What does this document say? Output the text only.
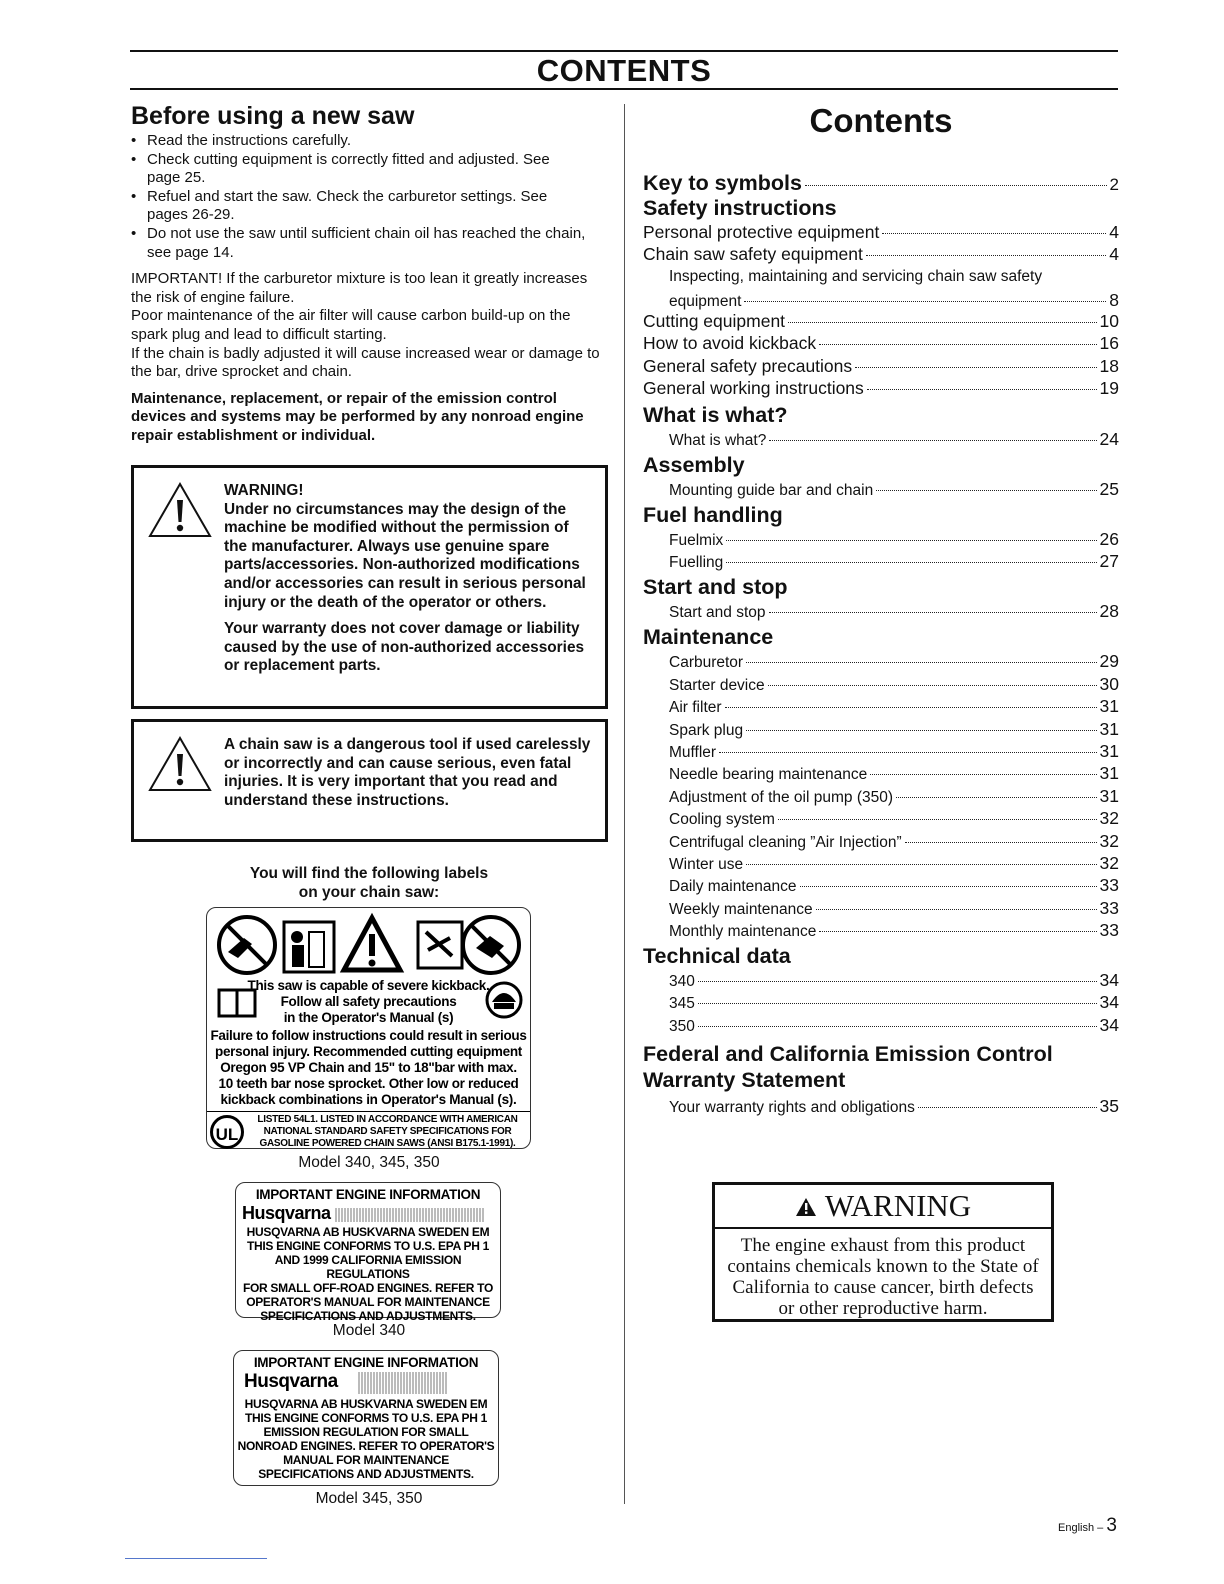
CONTENTS
Before using a new saw
• Read the instructions carefully.
• Check cutting equipment is correctly fitted and adjusted. See page 25.
• Refuel and start the saw. Check the carburetor settings. See pages 26-29.
• Do not use the saw until sufficient chain oil has reached the chain, see page 14.

IMPORTANT! If the carburetor mixture is too lean it greatly increases the risk of engine failure.

Poor maintenance of the air filter will cause carbon build-up on the spark plug and lead to difficult starting.

If the chain is badly adjusted it will cause increased wear or damage to the bar, drive sprocket and chain.

Maintenance, replacement, or repair of the emission control devices and systems may be performed by any nonroad engine repair establishment or individual.

WARNING!

Under no circumstances may the design of the machine be modified without the permission of the manufacturer. Always use genuine spare parts/accessories. Non-authorized modifications and/or accessories can result in serious personal injury or the death of the operator or others.

Your warranty does not cover damage or liability caused by the use of non-authorized accessories or replacement parts.

A chain saw is a dangerous tool if used carelessly or incorrectly and can cause serious, even fatal injuries. It is very important that you read and understand these instructions.

You will find the following labels
on your chain saw:
This saw is capable of severe kickback.
Follow all safety precautions
in the Operator's Manual (s)
Failure to follow instructions could result in serious
personal injury. Recommended cutting equipment
Oregon 95 VP Chain and 15" to 18"bar with max.
10 teeth bar nose sprocket. Other low or reduced
kickback combinations in Operator's Manual (s).
UL
LISTED 54L1. LISTED IN ACCORDANCE WITH AMERICAN
NATIONAL STANDARD SAFETY SPECIFICATIONS FOR
GASOLINE POWERED CHAIN SAWS (ANSI B175.1-1991).
Model 340, 345, 350
IMPORTANT ENGINE INFORMATION
Husqvarna
HUSQVARNA AB HUSKVARNA SWEDEN EM
THIS ENGINE CONFORMS TO U.S. EPA PH 1
AND 1999 CALIFORNIA EMISSION REGULATIONS
FOR SMALL OFF-ROAD ENGINES. REFER TO
OPERATOR'S MANUAL FOR MAINTENANCE
SPECIFICATIONS AND ADJUSTMENTS.
Model 340
IMPORTANT ENGINE INFORMATION
Husqvarna
HUSQVARNA AB HUSKVARNA SWEDEN EM
THIS ENGINE CONFORMS TO U.S. EPA PH 1
EMISSION REGULATION FOR SMALL
NONROAD ENGINES. REFER TO OPERATOR'S
MANUAL FOR MAINTENANCE
SPECIFICATIONS AND ADJUSTMENTS.
Model 345, 350
Contents
Key to symbols	2
Safety instructions
Personal protective equipment	4
Chain saw safety equipment	4
Inspecting, maintaining and servicing chain saw safety
equipment	8
Cutting equipment	10
How to avoid kickback	16
General safety precautions	18
General working instructions	19
What is what?
What is what?	24
Assembly
Mounting guide bar and chain	25
Fuel handling
Fuelmix	26
Fuelling	27
Start and stop
Start and stop	28
Maintenance
Carburetor	29
Starter device	30
Air filter	31
Spark plug	31
Muffler	31
Needle bearing maintenance	31
Adjustment of the oil pump (350)	31
Cooling system	32
Centrifugal cleaning ”Air Injection”	32
Winter use	32
Daily maintenance	33
Weekly maintenance	33
Monthly maintenance	33
Technical data
340	34
345	34
350	34
Federal and California Emission Control
Warranty Statement
Your warranty rights and obligations	35
WARNING
The engine exhaust from this product contains chemicals known to the State of California to cause cancer, birth defects or other reproductive harm.
English – 3
